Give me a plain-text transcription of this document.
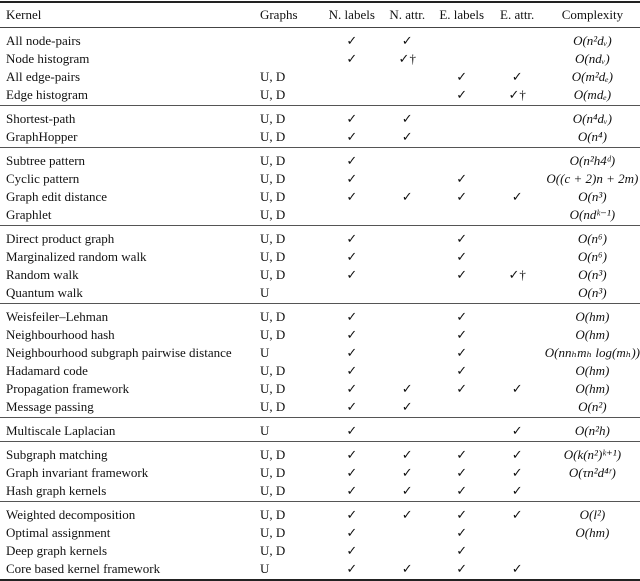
Kernel	Graphs	N. labels	N. attr.	E. labels	E. attr.	Complexity
All node-pairs		✓	✓			O(n²dᵥ)
Node histogram		✓	✓†			O(ndᵥ)
All edge-pairs	U, D			✓	✓	O(m²dₑ)
Edge histogram	U, D			✓	✓†	O(mdₑ)
Shortest-path	U, D	✓	✓			O(n⁴dᵥ)
GraphHopper	U, D	✓	✓			O(n⁴)
Subtree pattern	U, D	✓				O(n²h4ᵈ)
Cyclic pattern	U, D	✓		✓		O((c + 2)n + 2m)
Graph edit distance	U, D	✓	✓	✓	✓	O(n³)
Graphlet	U, D					O(ndᵏ⁻¹)
Direct product graph	U, D	✓		✓		O(n⁶)
Marginalized random walk	U, D	✓		✓		O(n⁶)
Random walk	U, D	✓		✓	✓†	O(n³)
Quantum walk	U					O(n³)
Weisfeiler–Lehman	U, D	✓		✓		O(hm)
Neighbourhood hash	U, D	✓		✓		O(hm)
Neighbourhood subgraph pairwise distance	U	✓		✓		O(nnₕmₕ log(mₕ))
Hadamard code	U, D	✓		✓		O(hm)
Propagation framework	U, D	✓	✓	✓	✓	O(hm)
Message passing	U, D	✓	✓			O(n²)
Multiscale Laplacian	U	✓			✓	O(n²h)
Subgraph matching	U, D	✓	✓	✓	✓	O(k(n²)ᵏ⁺¹)
Graph invariant framework	U, D	✓	✓	✓	✓	O(τn²d⁴ʳ)
Hash graph kernels	U, D	✓	✓	✓	✓	
Weighted decomposition	U, D	✓	✓	✓	✓	O(l²)
Optimal assignment	U, D	✓		✓		O(hm)
Deep graph kernels	U, D	✓		✓		
Core based kernel framework	U	✓	✓	✓	✓	
